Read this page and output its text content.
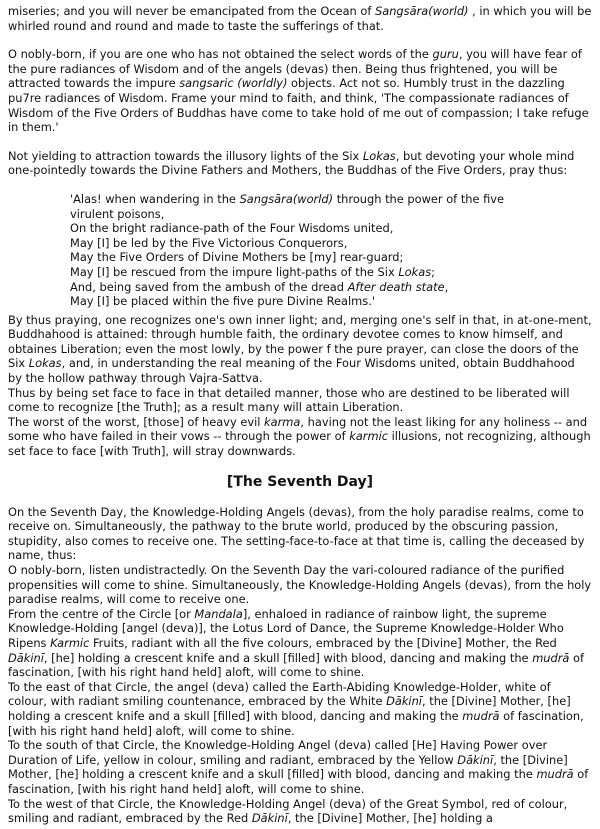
miseries; and you will never be emancipated from the Ocean of Sangsāra(world) , in which you will be whirled round and round and made to taste the sufferings of that.

O nobly-born, if you are one who has not obtained the select words of the guru, you will have fear of the pure radiances of Wisdom and of the angels (devas) then. Being thus frightened, you will be attracted towards the impure sangsaric (worldly) objects. Act not so. Humbly trust in the dazzling pu7re radiances of Wisdom. Frame your mind to faith, and think, 'The compassionate radiances of Wisdom of the Five Orders of Buddhas have come to take hold of me out of compassion; I take refuge in them.'

Not yielding to attraction towards the illusory lights of the Six Lokas, but devoting your whole mind one-pointedly towards the Divine Fathers and Mothers, the Buddhas of the Five Orders, pray thus:

'Alas! when wandering in the Sangsāra(world) through the power of the five
virulent poisons,
On the bright radiance-path of the Four Wisdoms united,
May [I] be led by the Five Victorious Conquerors,
May the Five Orders of Divine Mothers be [my] rear-guard;
May [I] be rescued from the impure light-paths of the Six Lokas;
And, being saved from the ambush of the dread After death state,
May [I] be placed within the five pure Divine Realms.'

By thus praying, one recognizes one's own inner light; and, merging one's self in that, in at-one-ment, Buddhahood is attained: through humble faith, the ordinary devotee comes to know himself, and obtaines Liberation; even the most lowly, by the power f the pure prayer, can close the doors of the Six Lokas, and, in understanding the real meaning of the Four Wisdoms united, obtain Buddhahood by the hollow pathway through Vajra-Sattva.

Thus by being set face to face in that detailed manner, those who are destined to be liberated will come to recognize [the Truth]; as a result many will attain Liberation.

The worst of the worst, [those] of heavy evil karma, having not the least liking for any holiness -- and some who have failed in their vows -- through the power of karmic illusions, not recognizing, although set face to face [with Truth], will stray downwards.

[The Seventh Day]

On the Seventh Day, the Knowledge-Holding Angels (devas), from the holy paradise realms, come to receive on. Simultaneously, the pathway to the brute world, produced by the obscuring passion, stupidity, also comes to receive one. The setting-face-to-face at that time is, calling the deceased by name, thus:

O nobly-born, listen undistractedly. On the Seventh Day the vari-coloured radiance of the purified propensities will come to shine. Simultaneously, the Knowledge-Holding Angels (devas), from the holy paradise realms, will come to receive one.

From the centre of the Circle [or Mandala], enhaloed in radiance of rainbow light, the supreme Knowledge-Holding [angel (deva)], the Lotus Lord of Dance, the Supreme Knowledge-Holder Who Ripens Karmic Fruits, radiant with all the five colours, embraced by the [Divine] Mother, the Red Dākinī, [he] holding a crescent knife and a skull [filled] with blood, dancing and making the mudrā of fascination, [with his right hand held] aloft, will come to shine.

To the east of that Circle, the angel (deva) called the Earth-Abiding Knowledge-Holder, white of colour, with radiant smiling countenance, embraced by the White Dākinī, the [Divine] Mother, [he] holding a crescent knife and a skull [filled] with blood, dancing and making the mudrā of fascination, [with his right hand held] aloft, will come to shine.

To the south of that Circle, the Knowledge-Holding Angel (deva) called [He] Having Power over Duration of Life, yellow in colour, smiling and radiant, embraced by the Yellow Dākinī, the [Divine] Mother, [he] holding a crescent knife and a skull [filled] with blood, dancing and making the mudrā of fascination, [with his right hand held] aloft, will come to shine.

To the west of that Circle, the Knowledge-Holding Angel (deva) of the Great Symbol, red of colour, smiling and radiant, embraced by the Red Dākinī, the [Divine] Mother, [he] holding a
